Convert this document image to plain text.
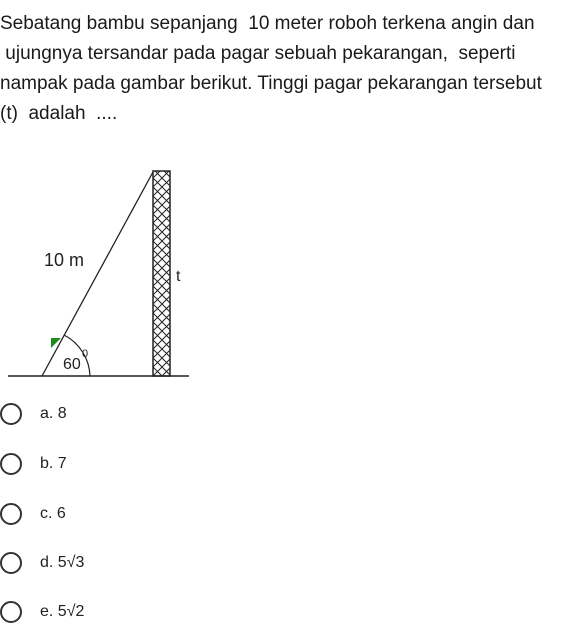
Sebatang bambu sepanjang  10 meter roboh terkena angin dan
ujungnya tersandar pada pagar sebuah pekarangan,  seperti
nampak pada gambar berikut. Tinggi pagar pekarangan tersebut
(t)  adalah  ....
10 m
t
60
0
a. 8
b. 7
c. 6
d. 5√3
e. 5√2
